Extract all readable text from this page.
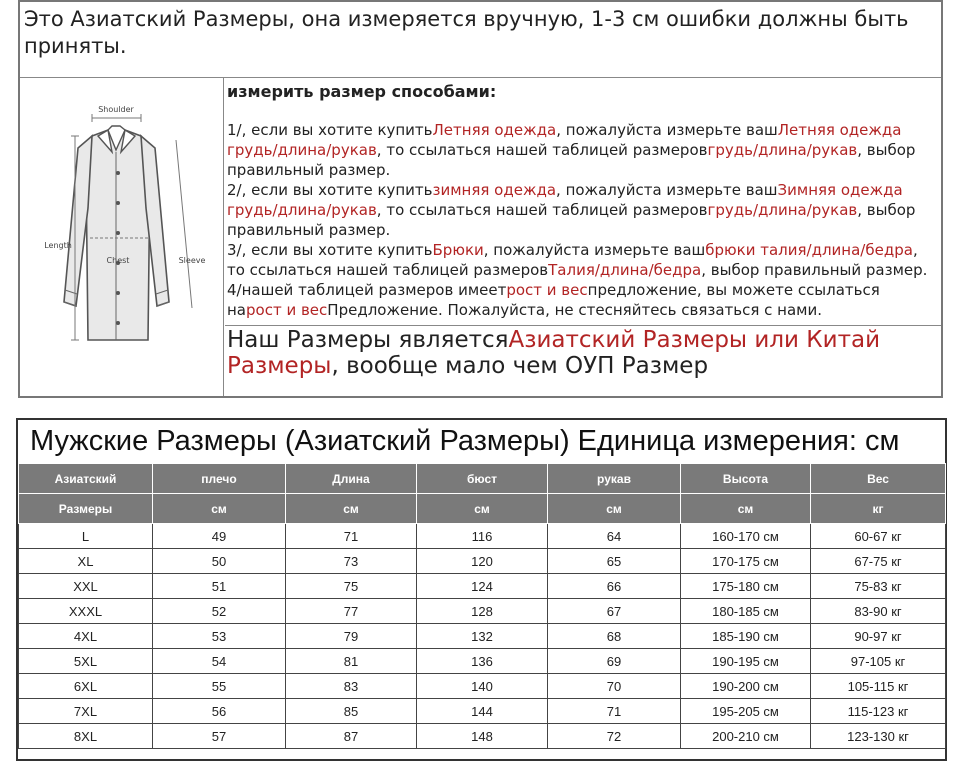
Это Азиатский Размеры, она измеряется вручную, 1-3 см ошибки должны быть приняты.
Shoulder
Length
Chest	Sleeve
измерить размер способами:

1/, если вы хотите купитьЛетняя одежда, пожалуйста измерьте вашЛетняя одежда грудь/длина/рукав, то ссылаться нашей таблицей размеровгрудь/длина/рукав, выбор правильный размер.

2/, если вы хотите купитьзимняя одежда, пожалуйста измерьте вашЗимняя одежда грудь/длина/рукав, то ссылаться нашей таблицей размеровгрудь/длина/рукав, выбор правильный размер.

3/, если вы хотите купитьБрюки, пожалуйста измерьте вашбрюки талия/длина/бедра, то ссылаться нашей таблицей размеровТалия/длина/бедра, выбор правильный размер.

4/нашей таблицей размеров имеетрост и веспредложение, вы можете ссылаться нарост и весПредложение. Пожалуйста, не стесняйтесь связаться с нами.

Наш Размеры являетсяАзиатский Размеры или Китай Размеры, вообще мало чем ОУП Размер
Мужские Размеры (Азиатский Размеры) Единица измерения: см
Азиатский	плечо	Длина	бюст	рукав	Высота	Вес
Размеры	см	см	см	см	см	кг
L	49	71	116	64	160-170 см	60-67 кг
XL	50	73	120	65	170-175 см	67-75 кг
XXL	51	75	124	66	175-180 см	75-83 кг
XXXL	52	77	128	67	180-185 см	83-90 кг
4XL	53	79	132	68	185-190 см	90-97 кг
5XL	54	81	136	69	190-195 см	97-105 кг
6XL	55	83	140	70	190-200 см	105-115 кг
7XL	56	85	144	71	195-205 см	115-123 кг
8XL	57	87	148	72	200-210 см	123-130 кг
